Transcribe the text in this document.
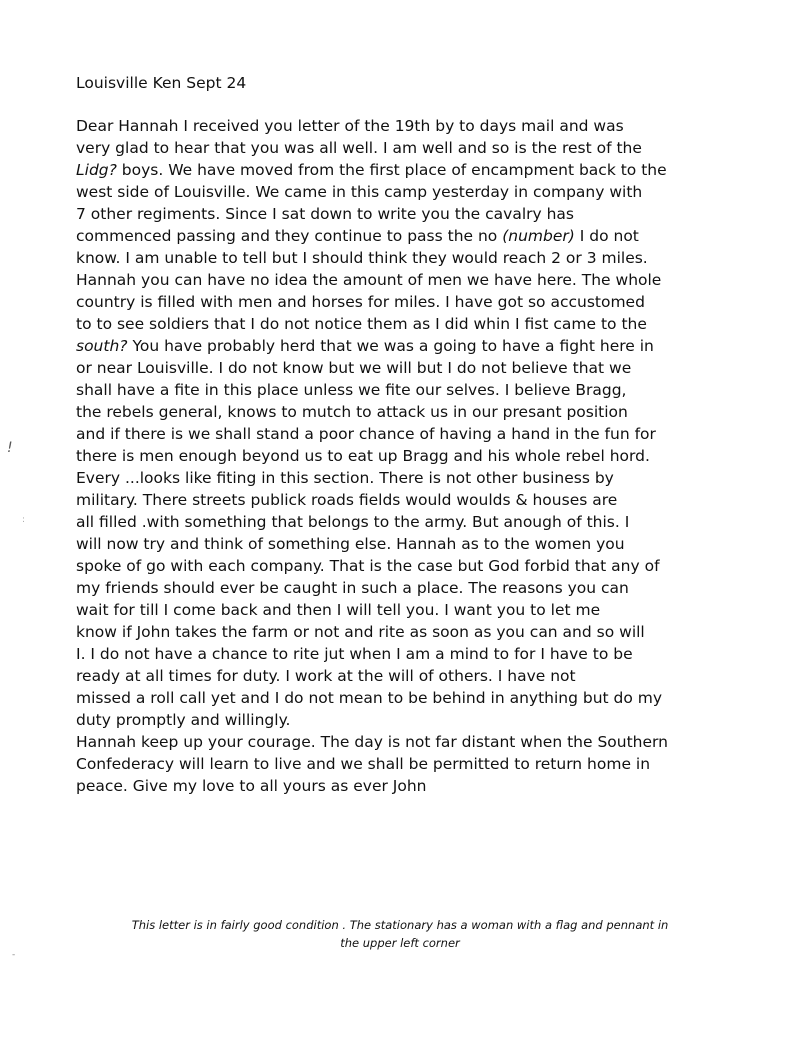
Louisville Ken Sept 24
Dear Hannah I received you letter of the 19th by to days mail and was
very glad to hear that you was all well. I am well and so is the rest of the
Lidg? boys. We have moved from the first place of encampment back to the
west side of Louisville. We came in this camp yesterday in company with
7 other regiments. Since I sat down to write you the cavalry has
commenced passing and they continue to pass the no (number) I do not
know. I am unable to tell but I should think they would reach 2 or 3 miles.
Hannah you can have no idea the amount of men we have here. The whole
country is filled with men and horses for miles. I have got so accustomed
to to see soldiers that I do not notice them as I did whin I fist came to the
south? You have probably herd that we was a going to have a fight here in
or near Louisville. I do not know but we will but I do not believe that we
shall have a fite in this place unless we fite our selves. I believe Bragg,
the rebels general, knows to mutch to attack us in our presant position
and if there is we shall stand a poor chance of having a hand in the fun for
there is men enough beyond us to eat up Bragg and his whole rebel hord.
Every ...looks like fiting in this section. There is not other business by
military. There streets publick roads fields would woulds & houses are
all filled .with something that belongs to the army. But anough of this. I
will now try and think of something else. Hannah as to the women you
spoke of go with each company. That is the case but God forbid that any of
my friends should ever be caught in such a place. The reasons you can
wait for till I come back and then I will tell you. I want you to let me
know if John takes the farm or not and rite as soon as you can and so will
I. I do not have a chance to rite jut when I am a mind to for I have to be
ready at all times for duty. I work at the will of others. I have not
missed a roll call yet and I do not mean to be behind in anything but do my
duty promptly and willingly.
Hannah keep up your courage. The day is not far distant when the Southern
Confederacy will learn to live and we shall be permitted to return home in
peace. Give my love to all yours as ever John
This letter is in fairly good condition . The stationary has a woman with a flag and pennant in
the upper left corner
!
:
-
